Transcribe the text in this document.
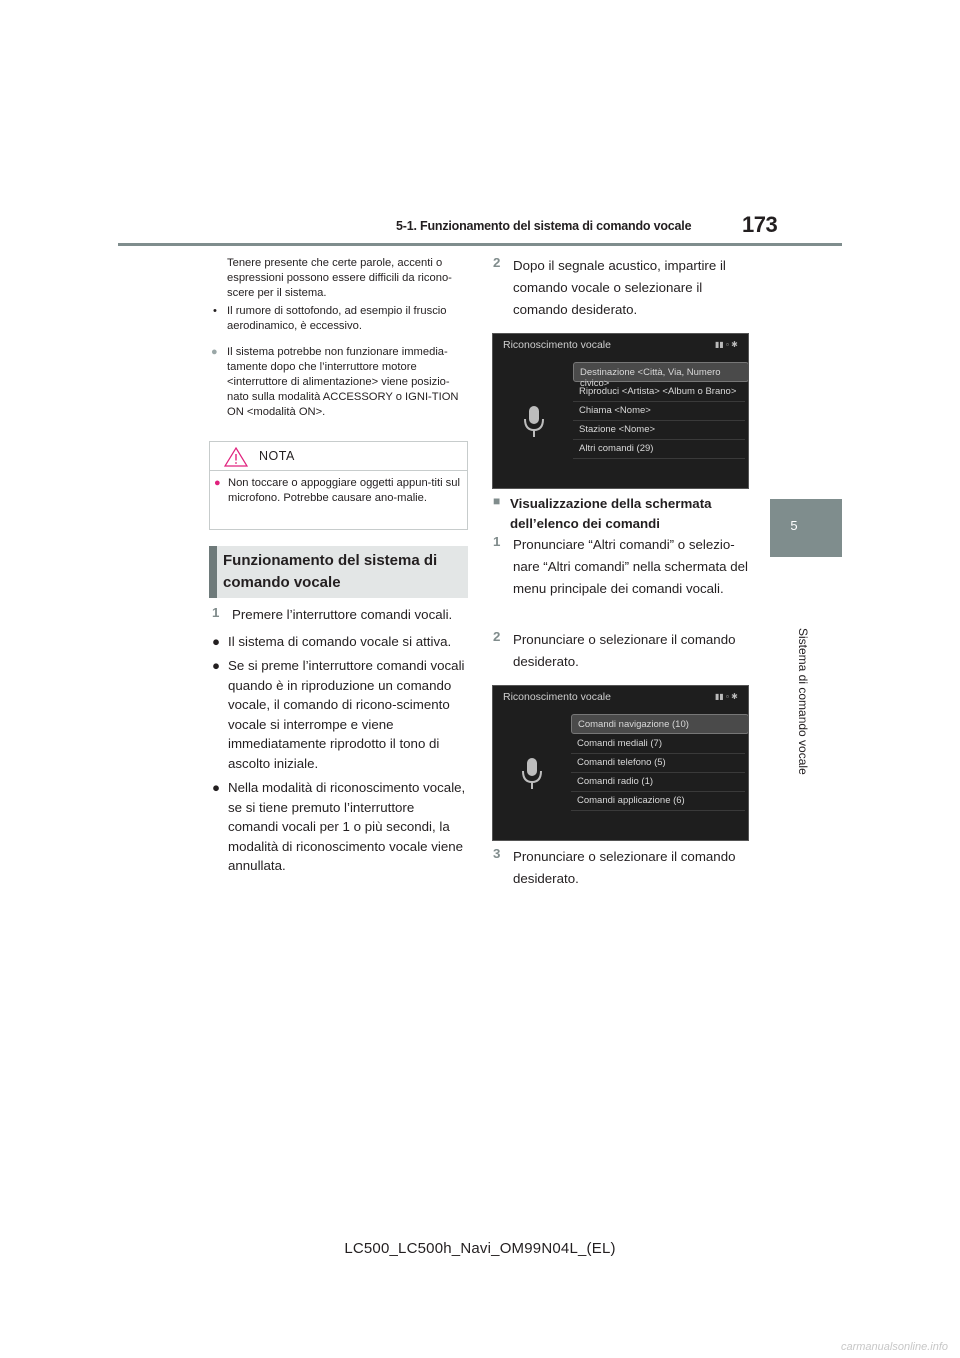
5-1. Funzionamento del sistema di comando vocale 173
5
Sistema di comando vocale
Tenere presente che certe parole, accenti o espressioni possono essere difficili da ricono-scere per il sistema.
• Il rumore di sottofondo, ad esempio il fruscio aerodinamico, è eccessivo.
● Il sistema potrebbe non funzionare immedia-tamente dopo che l’interruttore motore <interruttore di alimentazione> viene posizio-nato sulla modalità ACCESSORY o IGNI-TION ON <modalità ON>.
NOTA
● Non toccare o appoggiare oggetti appun-titi sul microfono. Potrebbe causare ano-malie.
Funzionamento del sistema di comando vocale
1 Premere l’interruttore comandi vocali.
● Il sistema di comando vocale si attiva.
● Se si preme l’interruttore comandi vocali quando è in riproduzione un comando vocale, il comando di ricono-scimento vocale si interrompe e viene immediatamente riprodotto il tono di ascolto iniziale.
● Nella modalità di riconoscimento vocale, se si tiene premuto l’interruttore comandi vocali per 1 o più secondi, la modalità di riconoscimento vocale viene annullata.
2 Dopo il segnale acustico, impartire il comando vocale o selezionare il comando desiderato.
Riconoscimento vocale	▮▮ ▫ ✱
Destinazione <Città, Via, Numero civico>
Riproduci <Artista> <Album o Brano>
Chiama <Nome>
Stazione <Nome>
Altri comandi (29)
■ Visualizzazione della schermata dell’elenco dei comandi
1 Pronunciare “Altri comandi” o selezio-nare “Altri comandi” nella schermata del menu principale dei comandi vocali.
2 Pronunciare o selezionare il comando desiderato.
Riconoscimento vocale	▮▮ ▫ ✱
Comandi navigazione (10)
Comandi mediali (7)
Comandi telefono (5)
Comandi radio (1)
Comandi applicazione (6)
3 Pronunciare o selezionare il comando desiderato.
LC500_LC500h_Navi_OM99N04L_(EL)
carmanualsonline.info
